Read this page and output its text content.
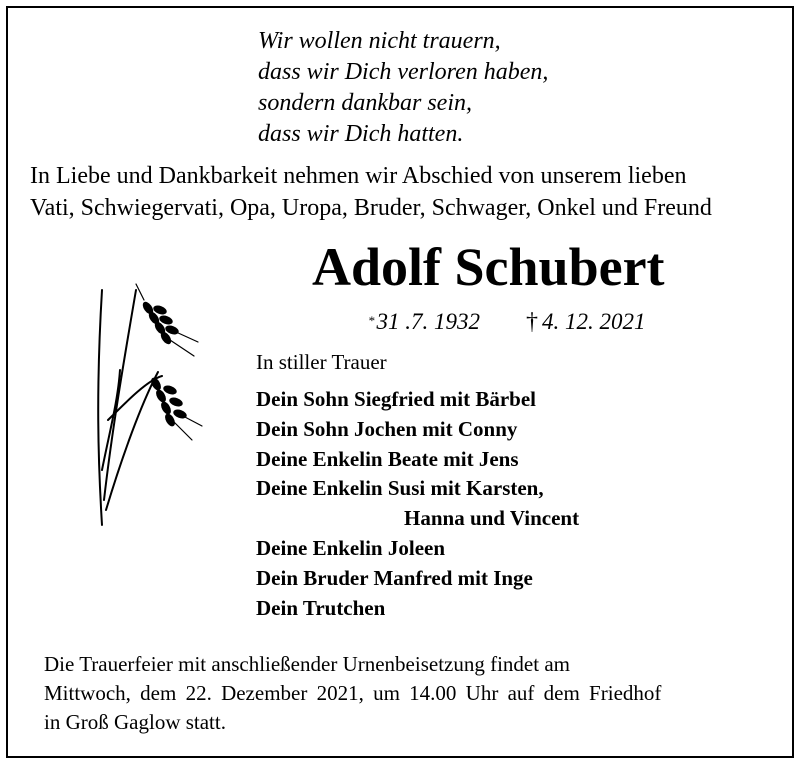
Wir wollen nicht trauern,
dass wir Dich verloren haben,
sondern dankbar sein,
dass wir Dich hatten.
In Liebe und Dankbarkeit nehmen wir Abschied von unserem lieben
Vati, Schwiegervati, Opa, Uropa, Bruder, Schwager, Onkel und Freund
Adolf Schubert
*31 .7. 1932 † 4. 12. 2021
In stiller Trauer
Dein Sohn Siegfried mit Bärbel
Dein Sohn Jochen mit Conny
Deine Enkelin Beate mit Jens
Deine Enkelin Susi mit Karsten,
Hanna und Vincent
Deine Enkelin Joleen
Dein Bruder Manfred mit Inge
Dein Trutchen
Die Trauerfeier mit anschließender Urnenbeisetzung findet am
Mittwoch, dem 22. Dezember 2021, um 14.00 Uhr auf dem Friedhof
in Groß Gaglow statt.
